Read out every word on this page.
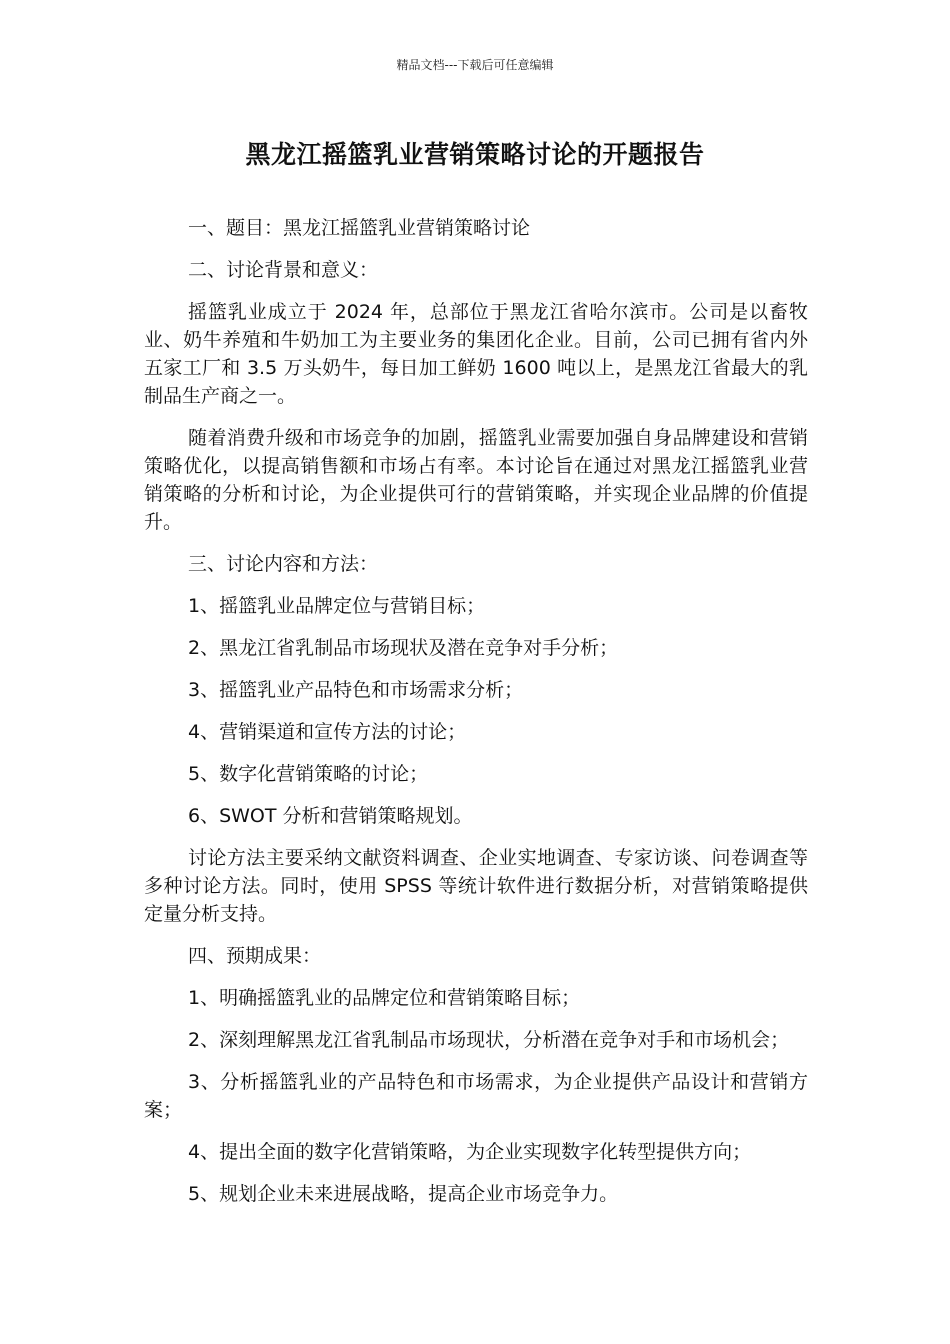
精品文档---下载后可任意编辑
黑龙江摇篮乳业营销策略讨论的开题报告

一、题目：黑龙江摇篮乳业营销策略讨论

二、讨论背景和意义：

摇篮乳业成立于 2024 年，总部位于黑龙江省哈尔滨市。公司是以畜牧业、奶牛养殖和牛奶加工为主要业务的集团化企业。目前，公司已拥有省内外五家工厂和 3.5 万头奶牛，每日加工鲜奶 1600 吨以上，是黑龙江省最大的乳制品生产商之一。

随着消费升级和市场竞争的加剧，摇篮乳业需要加强自身品牌建设和营销策略优化，以提高销售额和市场占有率。本讨论旨在通过对黑龙江摇篮乳业营销策略的分析和讨论，为企业提供可行的营销策略，并实现企业品牌的价值提升。

三、讨论内容和方法：

1、摇篮乳业品牌定位与营销目标；

2、黑龙江省乳制品市场现状及潜在竞争对手分析；

3、摇篮乳业产品特色和市场需求分析；

4、营销渠道和宣传方法的讨论；

5、数字化营销策略的讨论；

6、SWOT 分析和营销策略规划。

讨论方法主要采纳文献资料调查、企业实地调查、专家访谈、问卷调查等多种讨论方法。同时，使用 SPSS 等统计软件进行数据分析，对营销策略提供定量分析支持。

四、预期成果：

1、明确摇篮乳业的品牌定位和营销策略目标；

2、深刻理解黑龙江省乳制品市场现状，分析潜在竞争对手和市场机会；

3、分析摇篮乳业的产品特色和市场需求，为企业提供产品设计和营销方案；

4、提出全面的数字化营销策略，为企业实现数字化转型提供方向；

5、规划企业未来进展战略，提高企业市场竞争力。
